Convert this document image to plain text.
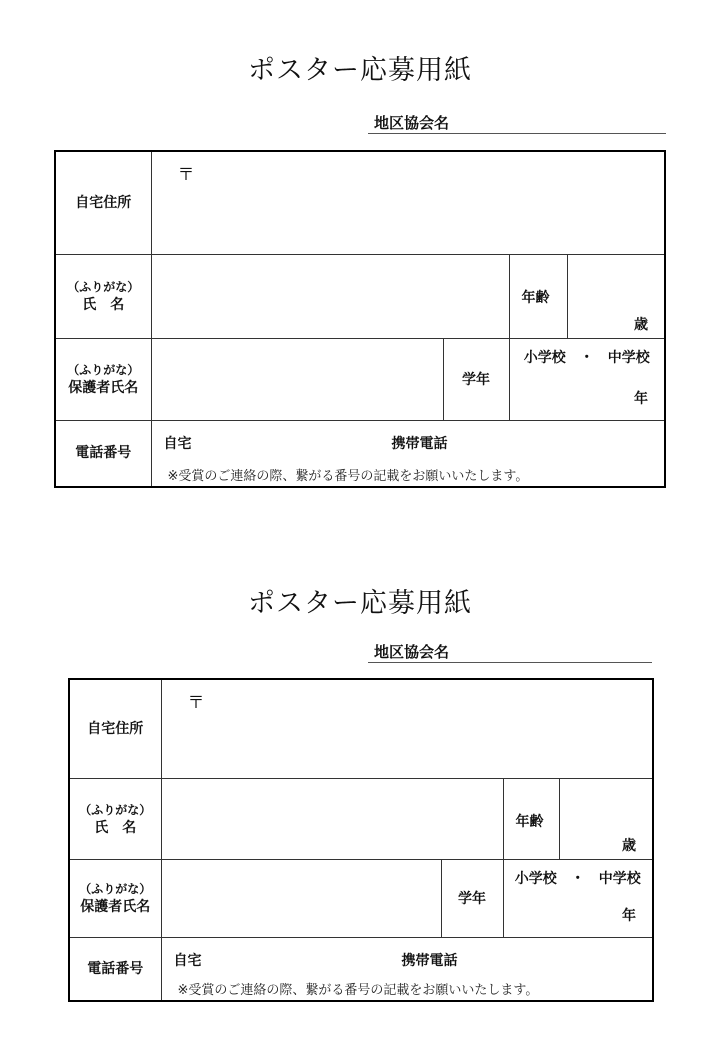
ポスター応募用紙
地区協会名
自宅住所	〒			

（ふりがな）
氏　名			年齢	歳

（ふりがな）
保護者氏名		学年	小学校　・　中学校
年	

電話番号	自宅 携帯電話
※受賞のご連絡の際、繋がる番号の記載をお願いいたします。			
ポスター応募用紙
地区協会名
自宅住所	〒			

（ふりがな）
氏　名			年齢	歳

（ふりがな）
保護者氏名		学年	小学校　・　中学校
年	

電話番号	自宅 携帯電話
※受賞のご連絡の際、繋がる番号の記載をお願いいたします。			
